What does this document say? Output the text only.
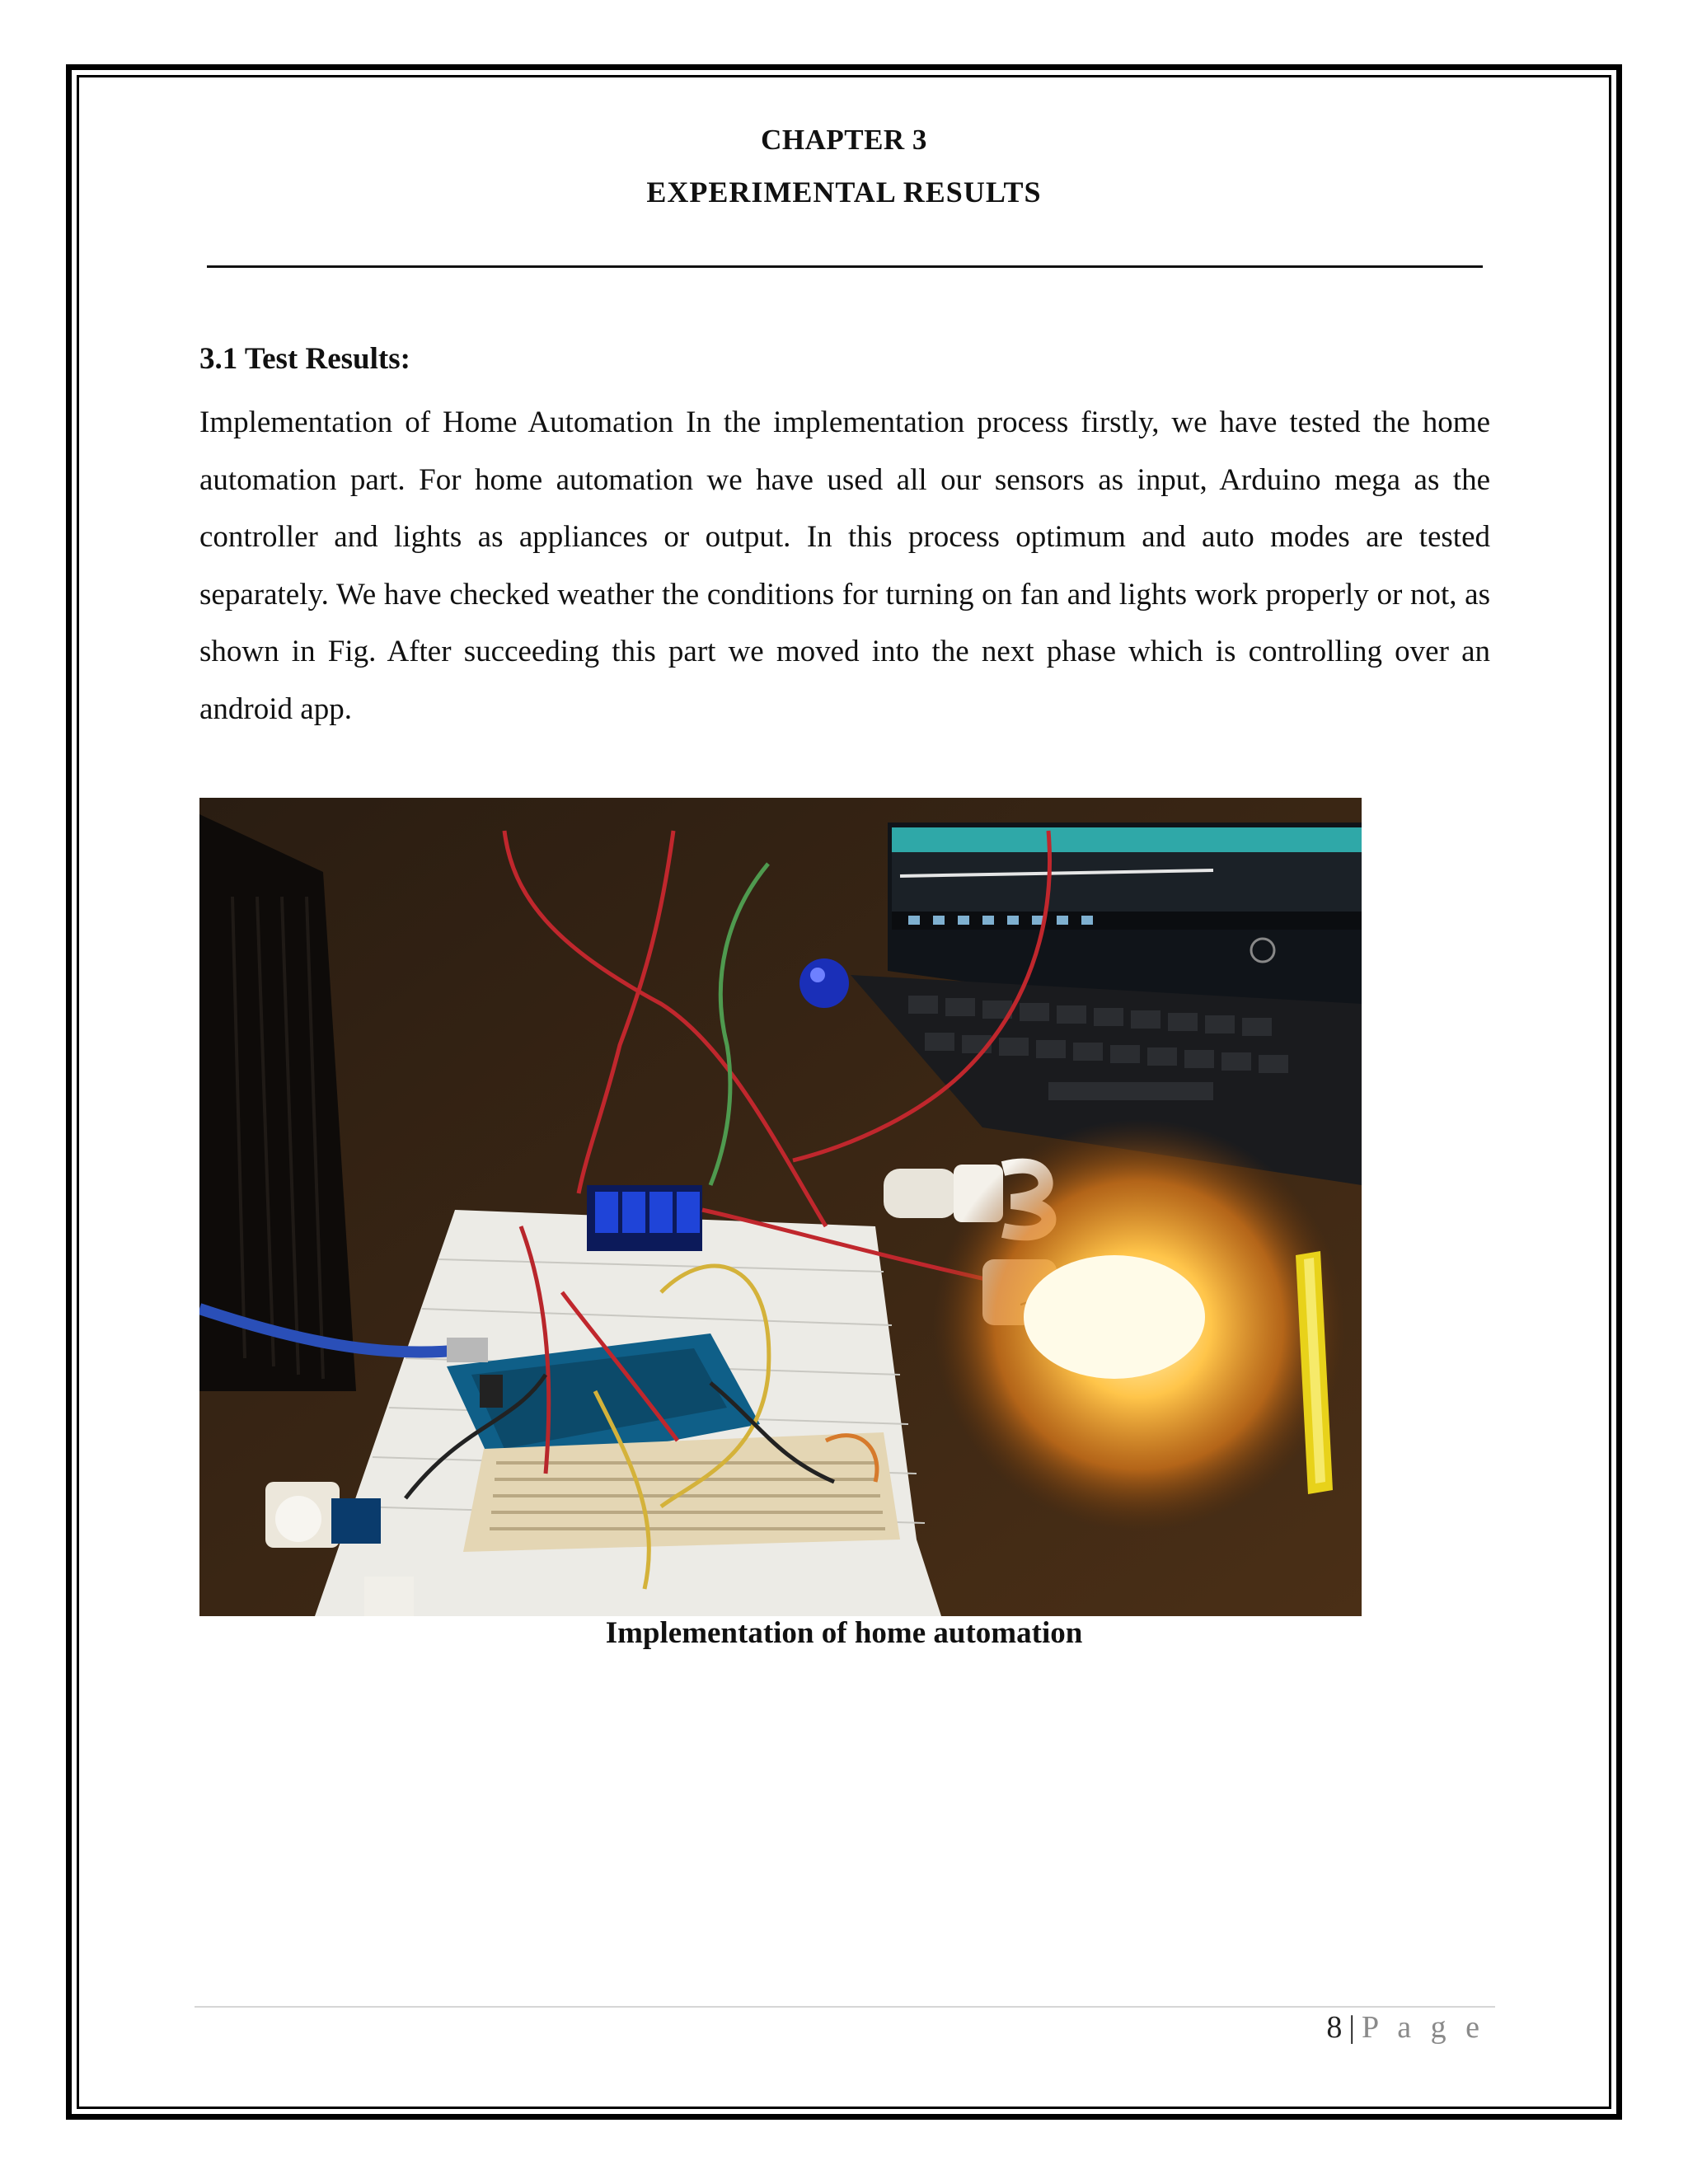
CHAPTER 3
EXPERIMENTAL RESULTS
3.1 Test Results:

Implementation of Home Automation In the implementation process firstly, we have tested the home automation part. For home automation we have used all our sensors as input, Arduino mega as the controller and lights as appliances or output. In this process optimum and auto modes are tested separately. We have checked weather the conditions for turning on fan and lights work properly or not, as shown in Fig. After succeeding this part we moved into the next phase which is controlling over an android app.

Implementation of home automation
8 | P a g e
